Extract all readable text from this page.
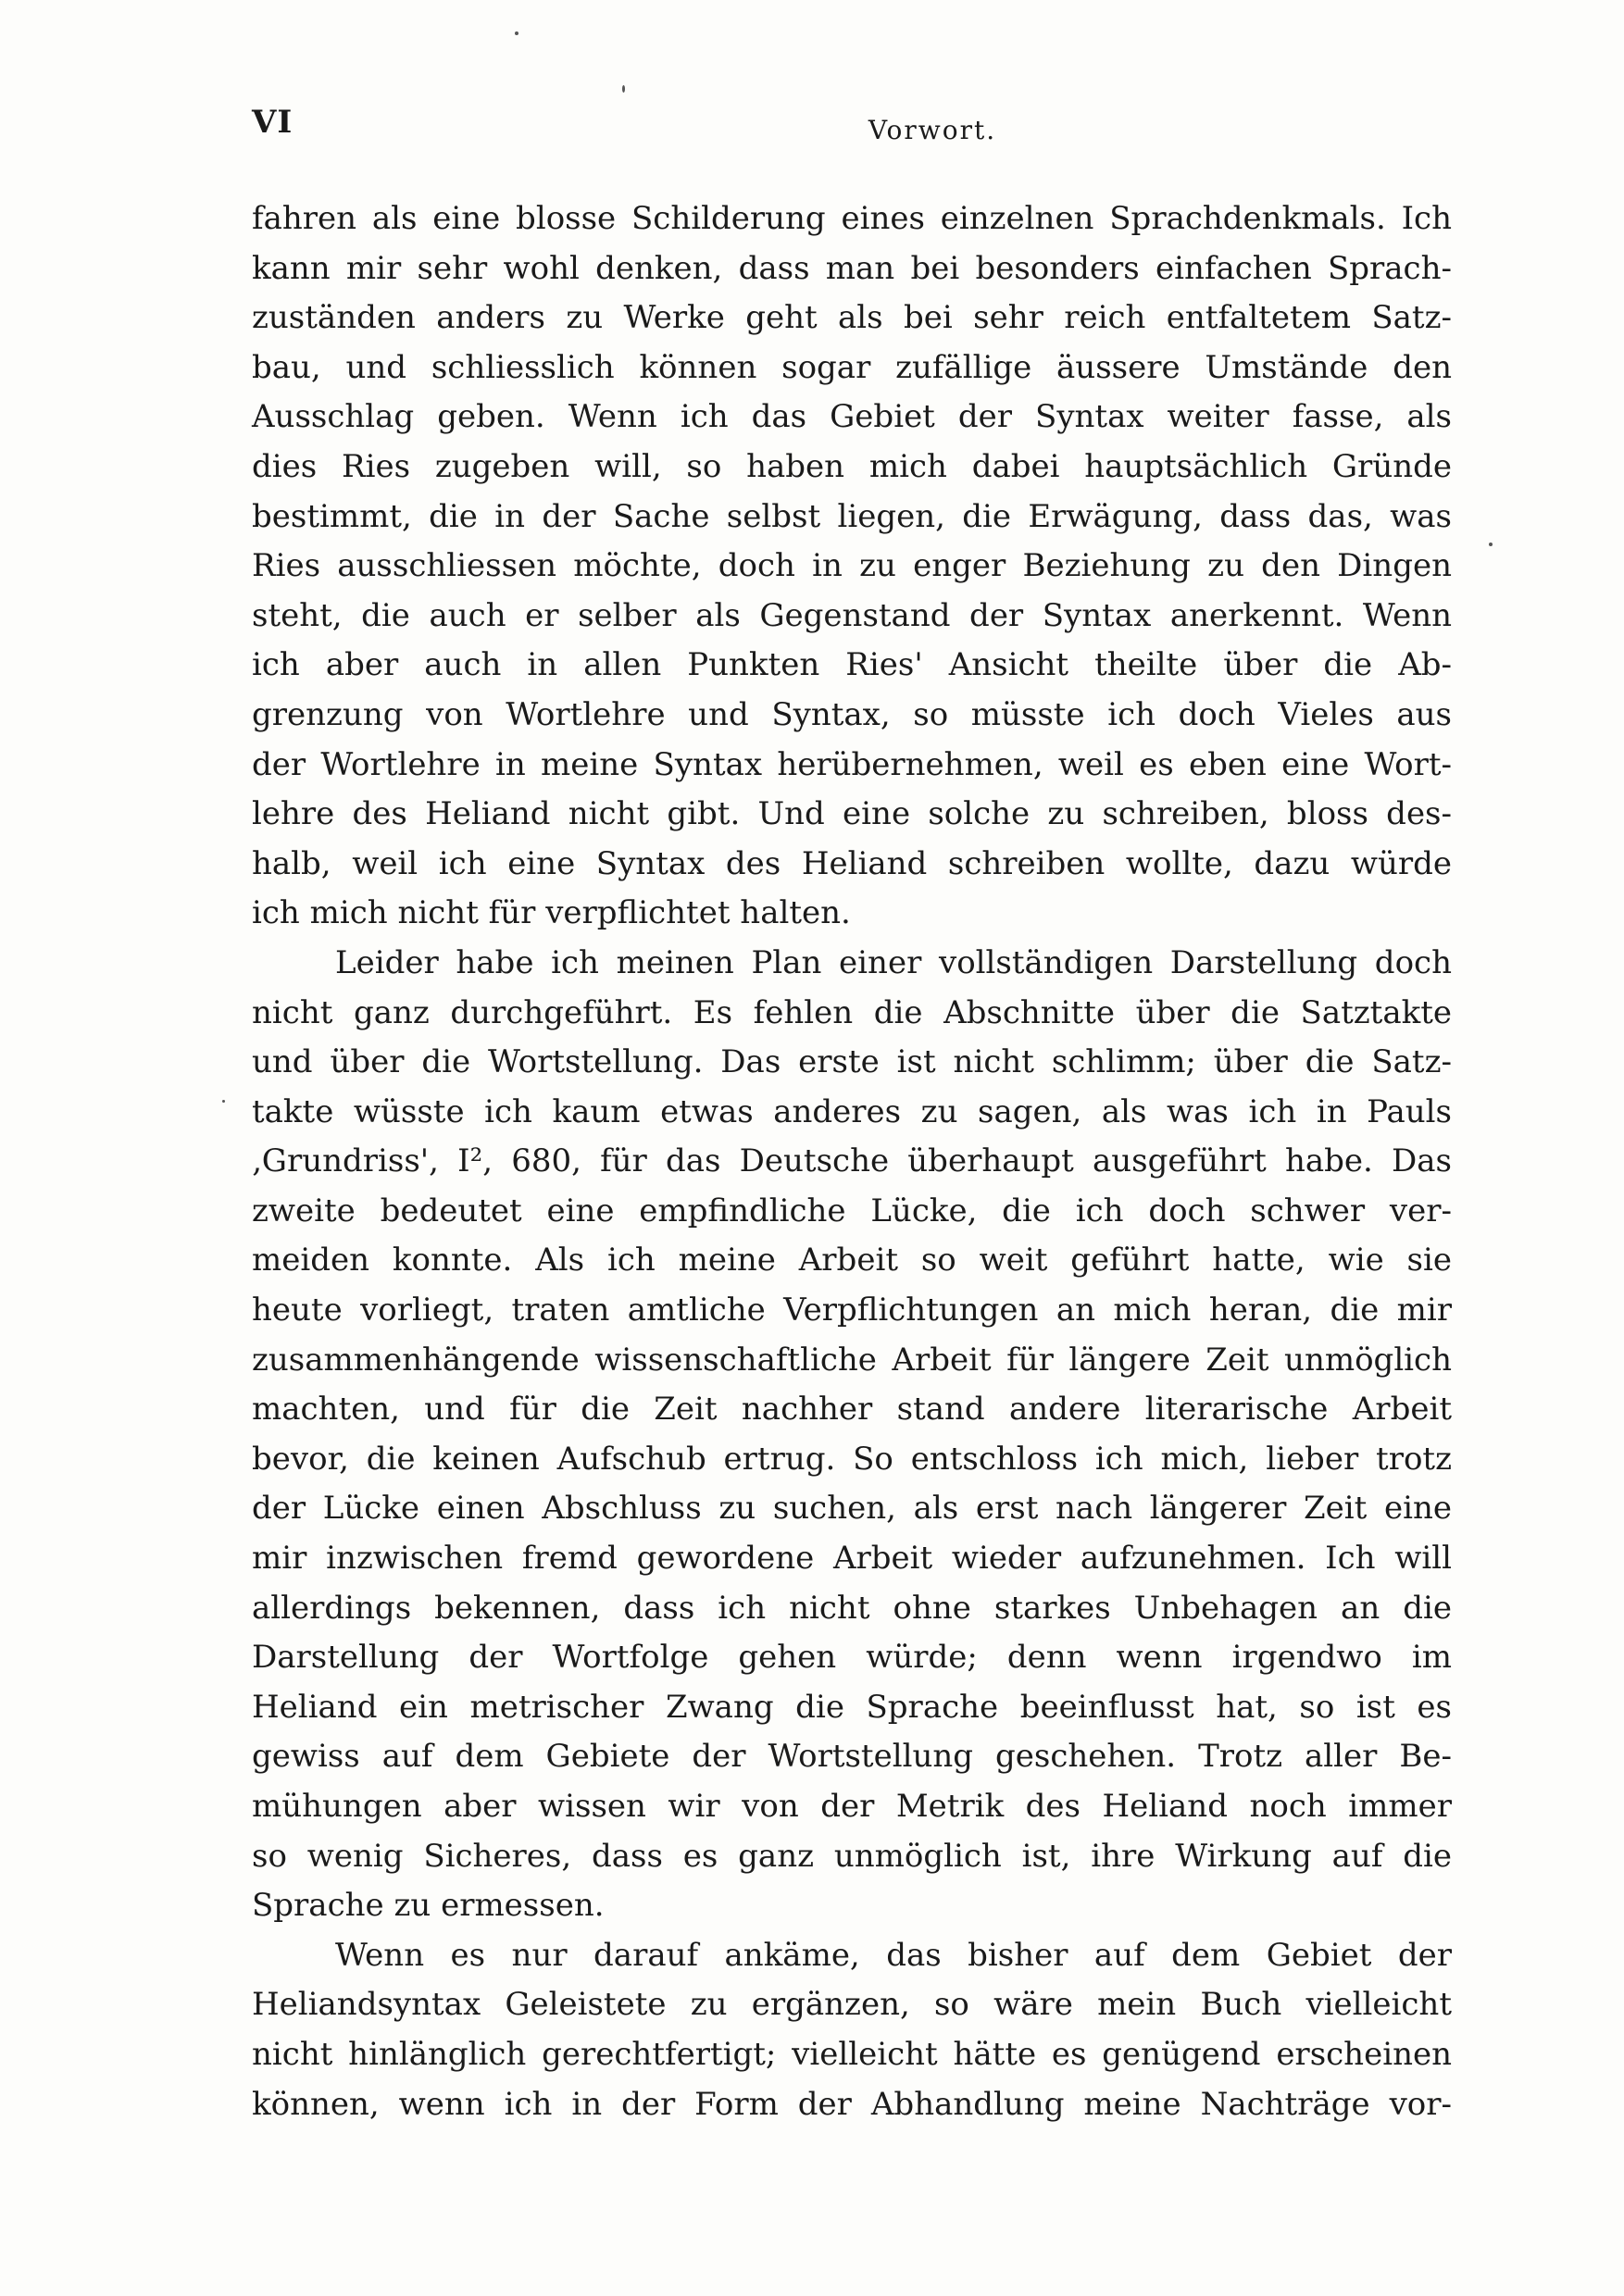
VI	Vorwort.
fahren als eine blosse Schilderung eines einzelnen Sprachdenkmals. Ich
kann mir sehr wohl denken, dass man bei besonders einfachen Sprach-
zuständen anders zu Werke geht als bei sehr reich entfaltetem Satz-
bau, und schliesslich können sogar zufällige äussere Umstände den
Ausschlag geben. Wenn ich das Gebiet der Syntax weiter fasse, als
dies Ries zugeben will, so haben mich dabei hauptsächlich Gründe
bestimmt, die in der Sache selbst liegen, die Erwägung, dass das, was
Ries ausschliessen möchte, doch in zu enger Beziehung zu den Dingen
steht, die auch er selber als Gegenstand der Syntax anerkennt. Wenn
ich aber auch in allen Punkten Ries' Ansicht theilte über die Ab-
grenzung von Wortlehre und Syntax, so müsste ich doch Vieles aus
der Wortlehre in meine Syntax herübernehmen, weil es eben eine Wort-
lehre des Heliand nicht gibt. Und eine solche zu schreiben, bloss des-
halb, weil ich eine Syntax des Heliand schreiben wollte, dazu würde
ich mich nicht für verpflichtet halten.
Leider habe ich meinen Plan einer vollständigen Darstellung doch
nicht ganz durchgeführt. Es fehlen die Abschnitte über die Satztakte
und über die Wortstellung. Das erste ist nicht schlimm; über die Satz-
takte wüsste ich kaum etwas anderes zu sagen, als was ich in Pauls
‚Grundriss', I², 680, für das Deutsche überhaupt ausgeführt habe. Das
zweite bedeutet eine empfindliche Lücke, die ich doch schwer ver-
meiden konnte. Als ich meine Arbeit so weit geführt hatte, wie sie
heute vorliegt, traten amtliche Verpflichtungen an mich heran, die mir
zusammenhängende wissenschaftliche Arbeit für längere Zeit unmöglich
machten, und für die Zeit nachher stand andere literarische Arbeit
bevor, die keinen Aufschub ertrug. So entschloss ich mich, lieber trotz
der Lücke einen Abschluss zu suchen, als erst nach längerer Zeit eine
mir inzwischen fremd gewordene Arbeit wieder aufzunehmen. Ich will
allerdings bekennen, dass ich nicht ohne starkes Unbehagen an die
Darstellung der Wortfolge gehen würde; denn wenn irgendwo im
Heliand ein metrischer Zwang die Sprache beeinflusst hat, so ist es
gewiss auf dem Gebiete der Wortstellung geschehen. Trotz aller Be-
mühungen aber wissen wir von der Metrik des Heliand noch immer
so wenig Sicheres, dass es ganz unmöglich ist, ihre Wirkung auf die
Sprache zu ermessen.
Wenn es nur darauf ankäme, das bisher auf dem Gebiet der
Heliandsyntax Geleistete zu ergänzen, so wäre mein Buch vielleicht
nicht hinlänglich gerechtfertigt; vielleicht hätte es genügend erscheinen
können, wenn ich in der Form der Abhandlung meine Nachträge vor-
